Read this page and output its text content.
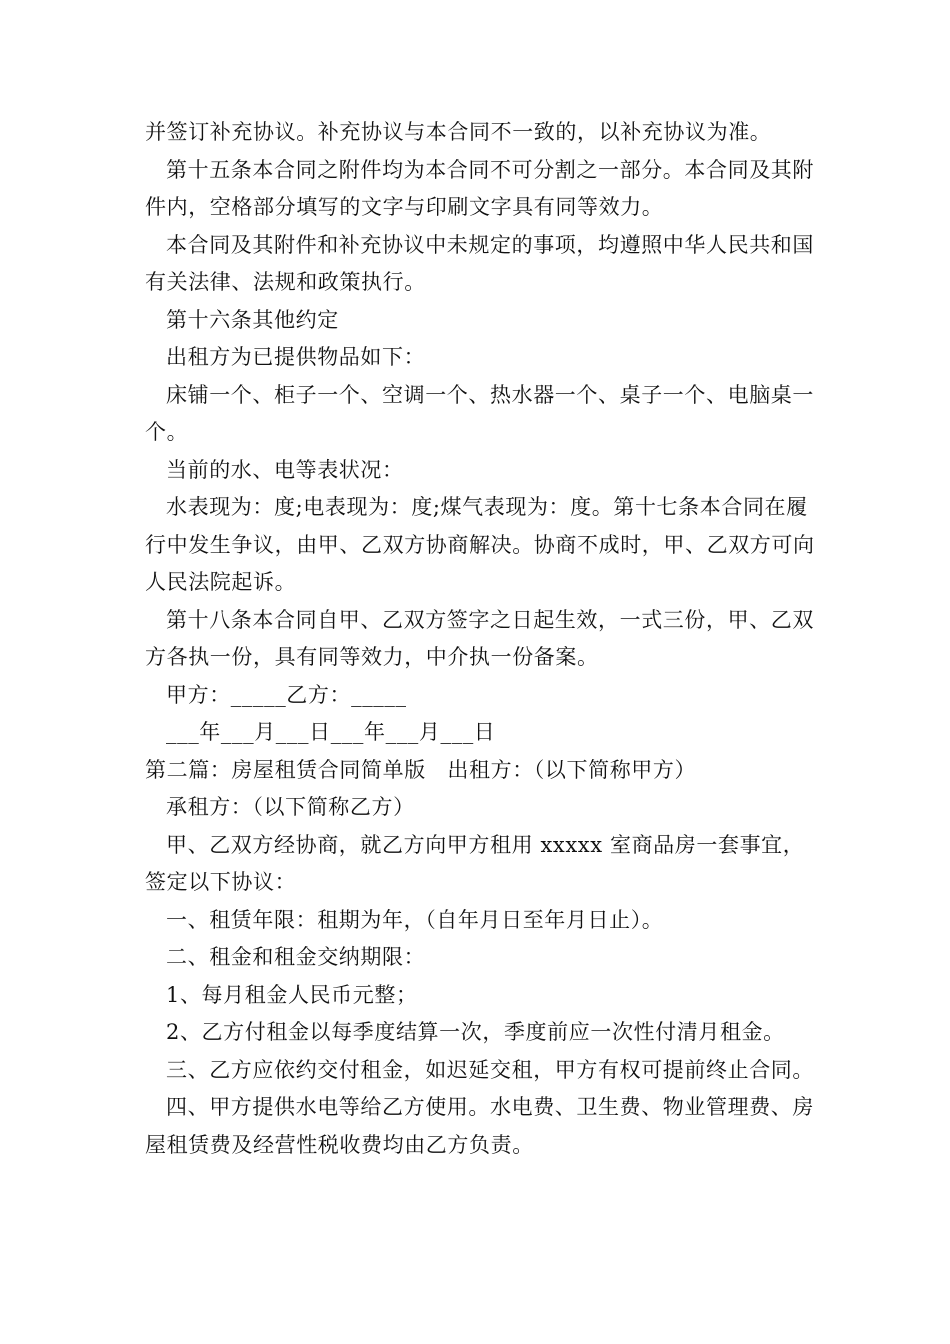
并签订补充协议。补充协议与本合同不一致的，以补充协议为准。

第十五条本合同之附件均为本合同不可分割之一部分。本合同及其附件内，空格部分填写的文字与印刷文字具有同等效力。

本合同及其附件和补充协议中未规定的事项，均遵照中华人民共和国有关法律、法规和政策执行。

第十六条其他约定

出租方为已提供物品如下：

床铺一个、柜子一个、空调一个、热水器一个、桌子一个、电脑桌一个。

当前的水、电等表状况：

水表现为：度;电表现为：度;煤气表现为：度。第十七条本合同在履行中发生争议，由甲、乙双方协商解决。协商不成时，甲、乙双方可向人民法院起诉。

第十八条本合同自甲、乙双方签字之日起生效，一式三份，甲、乙双方各执一份，具有同等效力，中介执一份备案。

甲方：_____乙方：_____

___年___月___日___年___月___日

第二篇：房屋租赁合同简单版　出租方：（以下简称甲方）

承租方：（以下简称乙方）

甲、乙双方经协商，就乙方向甲方租用 xxxxx 室商品房一套事宜，签定以下协议：

一、租赁年限：租期为年，（自年月日至年月日止）。

二、租金和租金交纳期限：

1、每月租金人民币元整；

2、乙方付租金以每季度结算一次，季度前应一次性付清月租金。

三、乙方应依约交付租金，如迟延交租，甲方有权可提前终止合同。

四、甲方提供水电等给乙方使用。水电费、卫生费、物业管理费、房屋租赁费及经营性税收费均由乙方负责。
